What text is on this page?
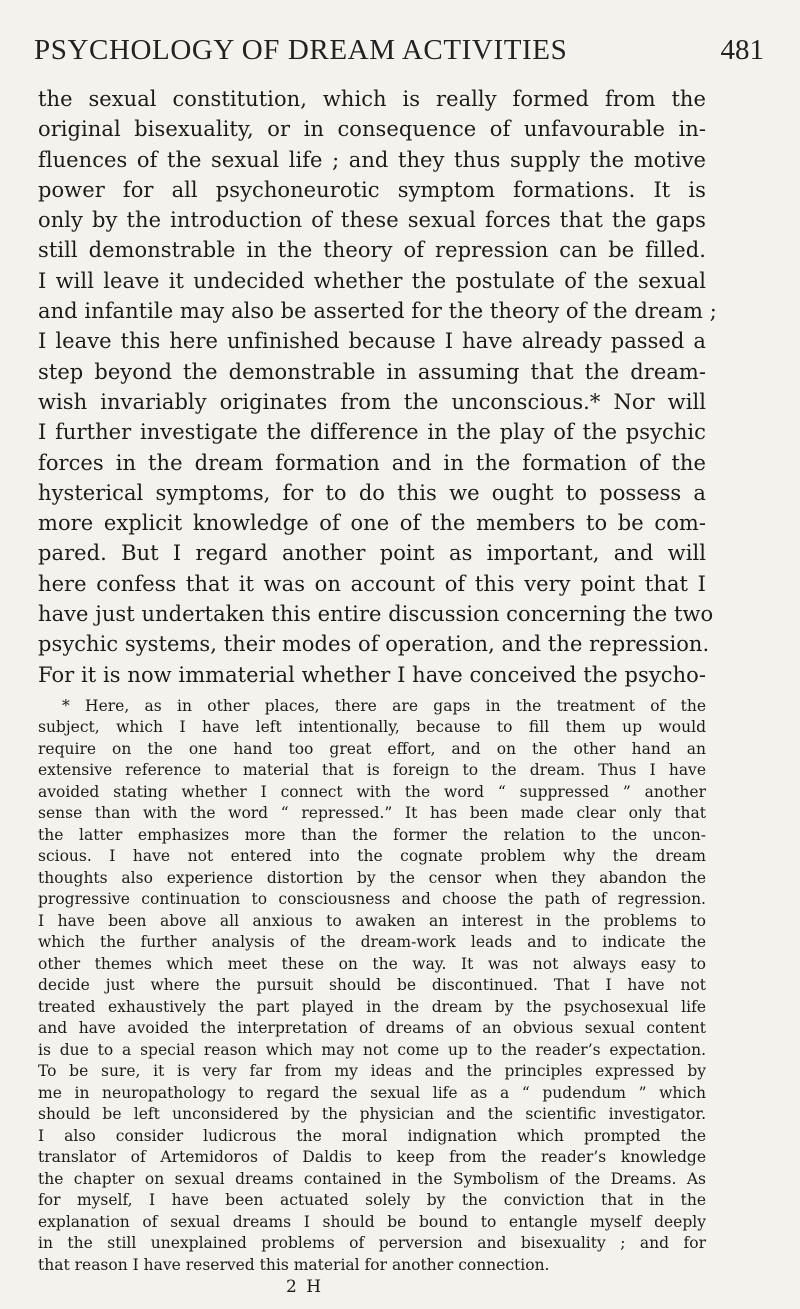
PSYCHOLOGY OF DREAM ACTIVITIES	481
the sexual constitution, which is really formed from the
original bisexuality, or in consequence of unfavourable in-
fluences of the sexual life ; and they thus supply the motive
power for all psychoneurotic symptom formations. It is
only by the introduction of these sexual forces that the gaps
still demonstrable in the theory of repression can be filled.
I will leave it undecided whether the postulate of the sexual
and infantile may also be asserted for the theory of the dream ;
I leave this here unfinished because I have already passed a
step beyond the demonstrable in assuming that the dream-
wish invariably originates from the unconscious.* Nor will
I further investigate the difference in the play of the psychic
forces in the dream formation and in the formation of the
hysterical symptoms, for to do this we ought to possess a
more explicit knowledge of one of the members to be com-
pared. But I regard another point as important, and will
here confess that it was on account of this very point that I
have just undertaken this entire discussion concerning the two
psychic systems, their modes of operation, and the repression.
For it is now immaterial whether I have conceived the psycho-
* Here, as in other places, there are gaps in the treatment of the
subject, which I have left intentionally, because to fill them up would
require on the one hand too great effort, and on the other hand an
extensive reference to material that is foreign to the dream. Thus I have
avoided stating whether I connect with the word “ suppressed ” another
sense than with the word “ repressed.” It has been made clear only that
the latter emphasizes more than the former the relation to the uncon-
scious. I have not entered into the cognate problem why the dream
thoughts also experience distortion by the censor when they abandon the
progressive continuation to consciousness and choose the path of regression.
I have been above all anxious to awaken an interest in the problems to
which the further analysis of the dream-work leads and to indicate the
other themes which meet these on the way. It was not always easy to
decide just where the pursuit should be discontinued. That I have not
treated exhaustively the part played in the dream by the psychosexual life
and have avoided the interpretation of dreams of an obvious sexual content
is due to a special reason which may not come up to the reader’s expectation.
To be sure, it is very far from my ideas and the principles expressed by
me in neuropathology to regard the sexual life as a “ pudendum ” which
should be left unconsidered by the physician and the scientific investigator.
I also consider ludicrous the moral indignation which prompted the
translator of Artemidoros of Daldis to keep from the reader’s knowledge
the chapter on sexual dreams contained in the Symbolism of the Dreams. As
for myself, I have been actuated solely by the conviction that in the
explanation of sexual dreams I should be bound to entangle myself deeply
in the still unexplained problems of perversion and bisexuality ; and for
that reason I have reserved this material for another connection.
2 H
